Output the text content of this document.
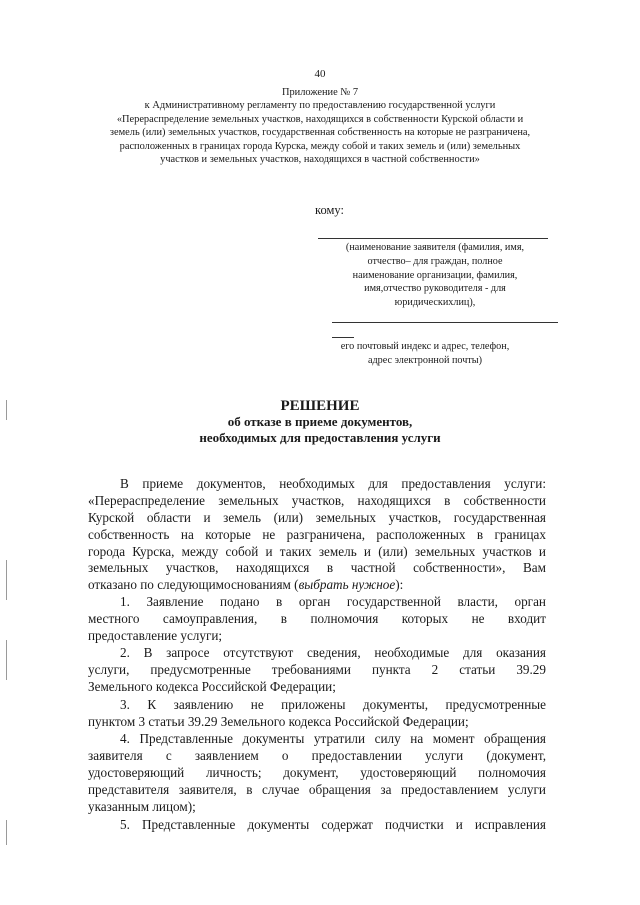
40
Приложение № 7
к Административному регламенту по предоставлению государственной услуги
«Перераспределение земельных участков, находящихся в собственности Курской области и
земель (или) земельных участков, государственная собственность на которые не разграничена,
расположенных в границах города Курска, между собой и таких земель и (или) земельных
участков и земельных участков, находящихся в частной собственности»
кому:
(наименование заявителя (фамилия, имя,
отчество– для граждан, полное
наименование организации, фамилия,
имя,отчество руководителя - для
юридическихлиц),
его почтовый индекс и адрес, телефон,
адрес электронной почты)
РЕШЕНИЕ
об отказе в приеме документов,
необходимых для предоставления услуги
В приеме документов, необходимых для предоставления услуги:
«Перераспределение земельных участков, находящихся в собственности
Курской области и земель (или) земельных участков, государственная
собственность на которые не разграничена, расположенных в границах
города Курска, между собой и таких земель и (или) земельных участков и
земельных участков, находящихся в частной собственности», Вам
отказано по следующимоснованиям (выбрать нужное):
1. Заявление подано в орган государственной власти, орган
местного самоуправления, в полномочия которых не входит
предоставление услуги;
2. В запросе отсутствуют сведения, необходимые для оказания
услуги, предусмотренные требованиями пункта 2 статьи 39.29
Земельного кодекса Российской Федерации;
3. К заявлению не приложены документы, предусмотренные
пунктом 3 статьи 39.29 Земельного кодекса Российской Федерации;
4. Представленные документы утратили силу на момент обращения
заявителя с заявлением о предоставлении услуги (документ,
удостоверяющий личность; документ, удостоверяющий полномочия
представителя заявителя, в случае обращения за предоставлением услуги
указанным лицом);
5. Представленные документы содержат подчистки и исправления
